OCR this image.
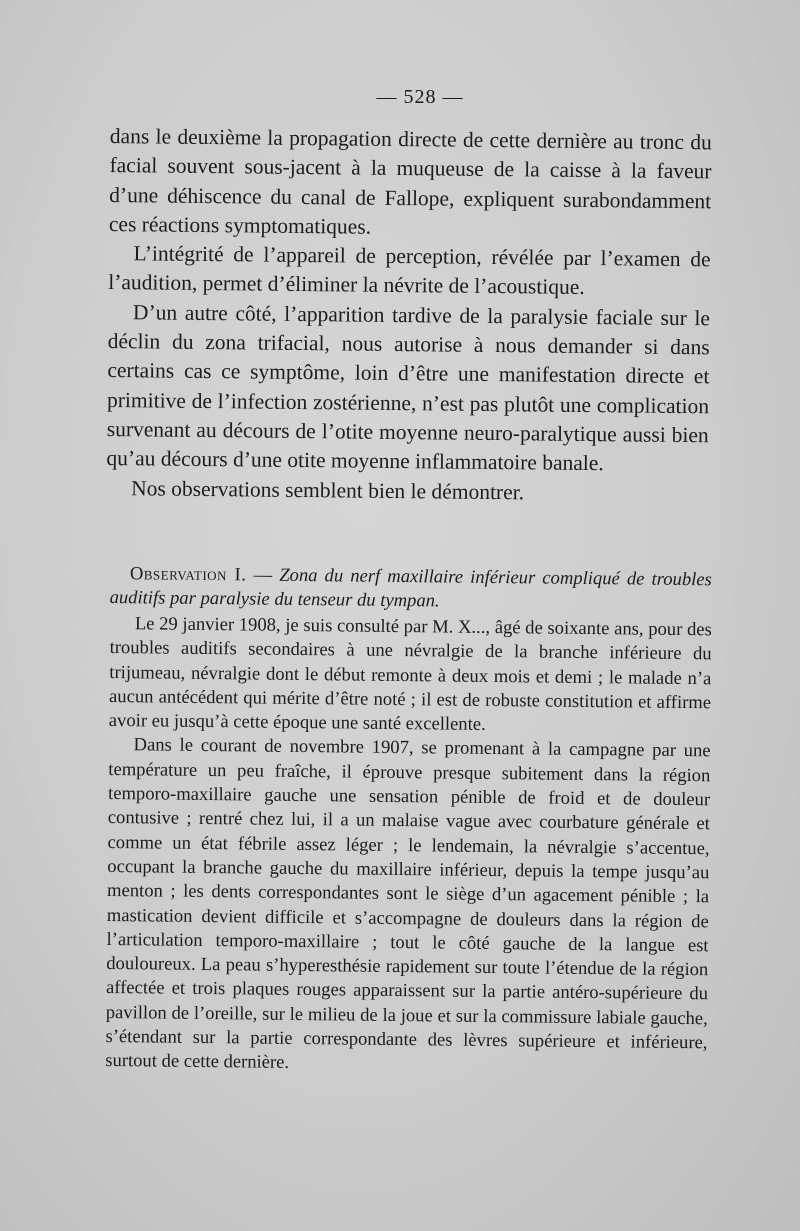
— 528 —

dans le deuxième la propagation directe de cette dernière au tronc du facial souvent sous-jacent à la muqueuse de la caisse à la faveur d’une déhiscence du canal de Fallope, expliquent surabondamment ces réactions symptomatiques.

L’intégrité de l’appareil de perception, révélée par l’examen de l’audition, permet d’éliminer la névrite de l’acoustique.

D’un autre côté, l’apparition tardive de la paralysie faciale sur le déclin du zona trifacial, nous autorise à nous demander si dans certains cas ce symptôme, loin d’être une manifestation directe et primitive de l’infection zostérienne, n’est pas plutôt une complication survenant au décours de l’otite moyenne neuro-paralytique aussi bien qu’au décours d’une otite moyenne inflammatoire banale.

Nos observations semblent bien le démontrer.

Observation I. — Zona du nerf maxillaire inférieur compliqué de troubles auditifs par paralysie du tenseur du tympan.

Le 29 janvier 1908, je suis consulté par M. X..., âgé de soixante ans, pour des troubles auditifs secondaires à une névralgie de la branche inférieure du trijumeau, névralgie dont le début remonte à deux mois et demi ; le malade n’a aucun antécédent qui mérite d’être noté ; il est de robuste constitution et affirme avoir eu jusqu’à cette époque une santé excellente.

Dans le courant de novembre 1907, se promenant à la campagne par une température un peu fraîche, il éprouve presque subitement dans la région temporo-maxillaire gauche une sensation pénible de froid et de douleur contusive ; rentré chez lui, il a un malaise vague avec courbature générale et comme un état fébrile assez léger ; le lendemain, la névralgie s’accentue, occupant la branche gauche du maxillaire inférieur, depuis la tempe jusqu’au menton ; les dents correspondantes sont le siège d’un agacement pénible ; la mastication devient difficile et s’accompagne de douleurs dans la région de l’articulation temporo-maxillaire ; tout le côté gauche de la langue est douloureux. La peau s’hyperesthésie rapidement sur toute l’étendue de la région affectée et trois plaques rouges apparaissent sur la partie antéro-supérieure du pavillon de l’oreille, sur le milieu de la joue et sur la commissure labiale gauche, s’étendant sur la partie correspondante des lèvres supérieure et inférieure, surtout de cette dernière.
